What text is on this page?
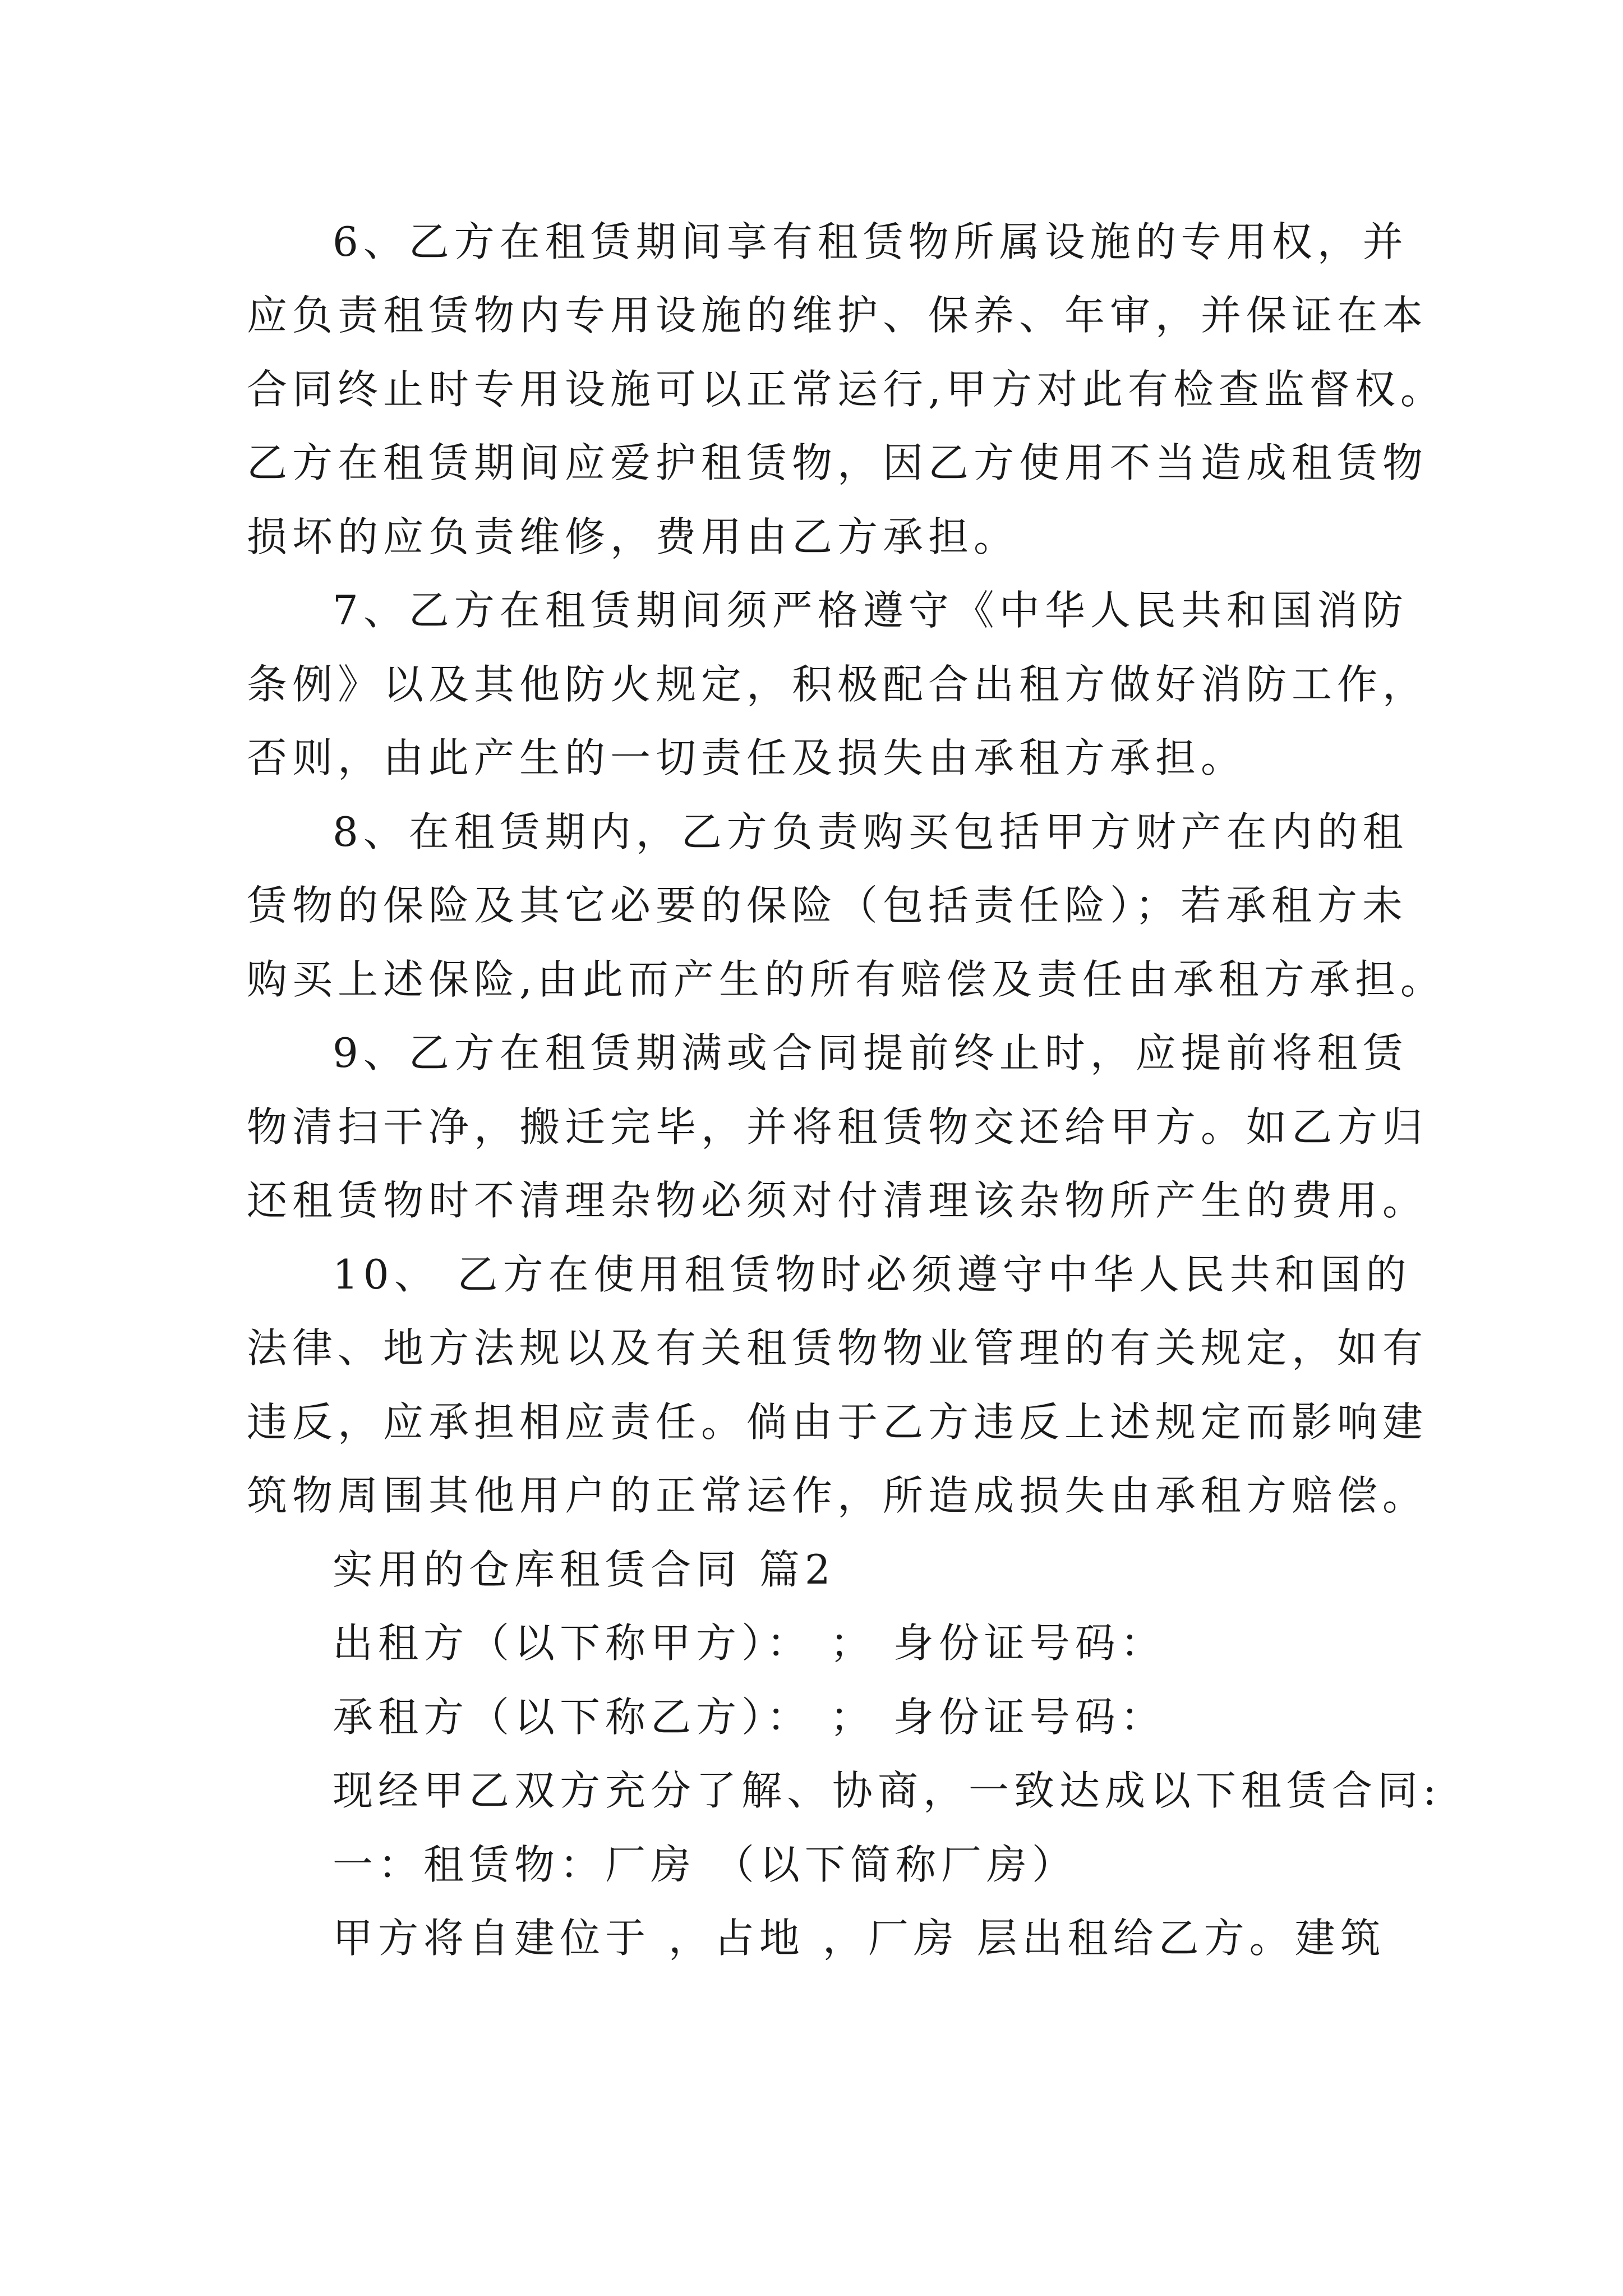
6、乙方在租赁期间享有租赁物所属设施的专用权，并

应负责租赁物内专用设施的维护、保养、年审，并保证在本

合同终止时专用设施可以正常运行,甲方对此有检查监督权。

乙方在租赁期间应爱护租赁物，因乙方使用不当造成租赁物

损坏的应负责维修，费用由乙方承担。

7、乙方在租赁期间须严格遵守《中华人民共和国消防

条例》以及其他防火规定，积极配合出租方做好消防工作，

否则，由此产生的一切责任及损失由承租方承担。

8、在租赁期内，乙方负责购买包括甲方财产在内的租

赁物的保险及其它必要的保险（包括责任险）；若承租方未

购买上述保险,由此而产生的所有赔偿及责任由承租方承担。

9、乙方在租赁期满或合同提前终止时，应提前将租赁

物清扫干净，搬迁完毕，并将租赁物交还给甲方。如乙方归

还租赁物时不清理杂物必须对付清理该杂物所产生的费用。

10、 乙方在使用租赁物时必须遵守中华人民共和国的

法律、地方法规以及有关租赁物物业管理的有关规定，如有

违反，应承担相应责任。倘由于乙方违反上述规定而影响建

筑物周围其他用户的正常运作，所造成损失由承租方赔偿。

实用的仓库租赁合同 篇2

出租方（以下称甲方）： ； 身份证号码：

承租方（以下称乙方）： ； 身份证号码：

现经甲乙双方充分了解、协商，一致达成以下租赁合同:

一：租赁物：厂房 （以下简称厂房）

甲方将自建位于 ，占地 ，厂房 层出租给乙方。建筑
